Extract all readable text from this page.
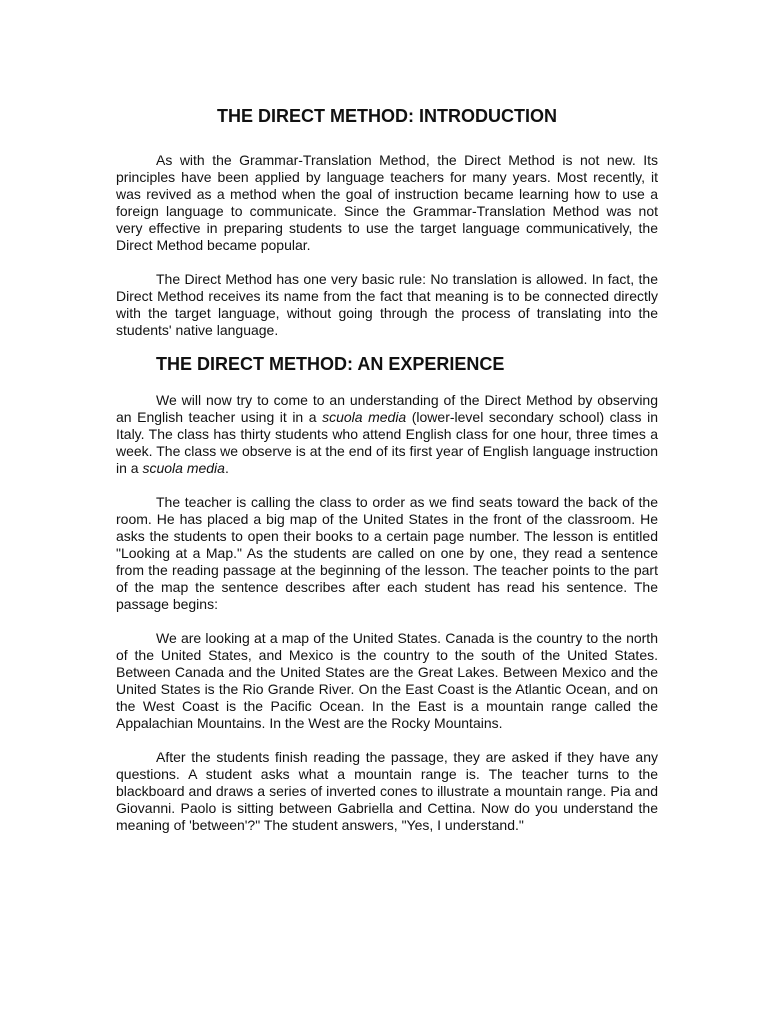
THE DIRECT METHOD: INTRODUCTION

As with the Grammar-Translation Method, the Direct Method is not new. Its principles have been applied by language teachers for many years. Most recently, it was revived as a method when the goal of instruction became learning how to use a foreign language to communicate. Since the Grammar-Translation Method was not very effective in preparing students to use the target language communicatively, the Direct Method became popular.

The Direct Method has one very basic rule: No translation is allowed. In fact, the Direct Method receives its name from the fact that meaning is to be connected directly with the target language, without going through the process of translating into the students' native language.

THE DIRECT METHOD: AN EXPERIENCE

We will now try to come to an understanding of the Direct Method by observing an English teacher using it in a scuola media (lower-level secondary school) class in Italy. The class has thirty students who attend English class for one hour, three times a week. The class we observe is at the end of its first year of English language instruction in a scuola media.

The teacher is calling the class to order as we find seats toward the back of the room. He has placed a big map of the United States in the front of the classroom. He asks the students to open their books to a certain page number. The lesson is entitled "Looking at a Map." As the students are called on one by one, they read a sentence from the reading passage at the beginning of the lesson. The teacher points to the part of the map the sentence describes after each student has read his sentence. The passage begins:

We are looking at a map of the United States. Canada is the country to the north of the United States, and Mexico is the country to the south of the United States. Between Canada and the United States are the Great Lakes. Between Mexico and the United States is the Rio Grande River. On the East Coast is the Atlantic Ocean, and on the West Coast is the Pacific Ocean. In the East is a mountain range called the Appalachian Mountains. In the West are the Rocky Mountains.

After the students finish reading the passage, they are asked if they have any questions. A student asks what a mountain range is. The teacher turns to the blackboard and draws a series of inverted cones to illustrate a mountain range. Pia and Giovanni. Paolo is sitting between Gabriella and Cettina. Now do you understand the meaning of 'between'?" The student answers, "Yes, I understand."
